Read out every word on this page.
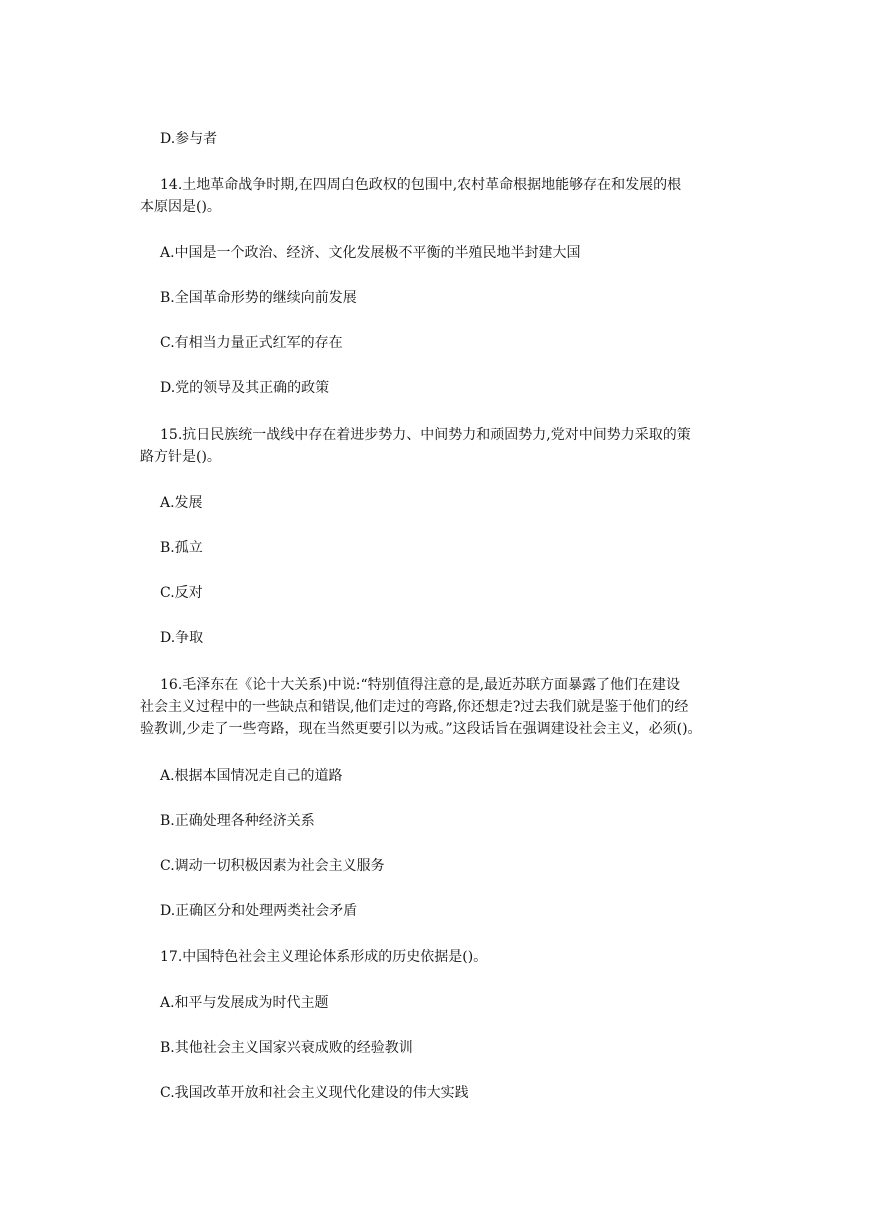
D.参与者
14.土地革命战争时期,在四周白色政权的包围中,农村革命根据地能够存在和发展的根
本原因是()。
A.中国是一个政治、经济、文化发展极不平衡的半殖民地半封建大国
B.全国革命形势的继续向前发展
C.有相当力量正式红军的存在
D.党的领导及其正确的政策
15.抗日民族统一战线中存在着进步势力、中间势力和顽固势力,党对中间势力采取的策
路方针是()。
A.发展
B.孤立
C.反对
D.争取
16.毛泽东在《论十大关系)中说:“特别值得注意的是,最近苏联方面暴露了他们在建设
社会主义过程中的一些缺点和错误,他们走过的弯路,你还想走?过去我们就是鉴于他们的经
验教训,少走了一些弯路，现在当然更要引以为戒。”这段话旨在强调建设社会主义，必须()。
A.根据本国情况走自己的道路
B.正确处理各种经济关系
C.调动一切积极因素为社会主义服务
D.正确区分和处理两类社会矛盾
17.中国特色社会主义理论体系形成的历史依据是()。
A.和平与发展成为时代主题
B.其他社会主义国家兴衰成败的经验教训
C.我国改革开放和社会主义现代化建设的伟大实践
